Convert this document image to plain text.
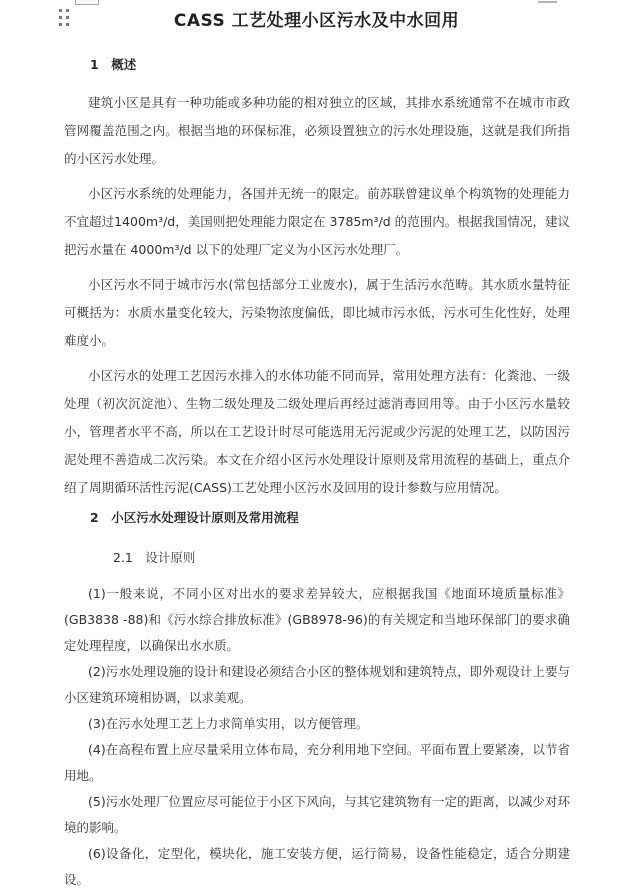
CASS 工艺处理小区污水及中水回用
1　概述

建筑小区是具有一种功能或多种功能的相对独立的区域，其排水系统通常不在城市市政管网覆盖范围之内。根据当地的环保标准，必须设置独立的污水处理设施，这就是我们所指的小区污水处理。

小区污水系统的处理能力，各国并无统一的限定。前苏联曾建议单个构筑物的处理能力不宜超过1400m³/d，美国则把处理能力限定在 3785m³/d 的范围内。根据我国情况，建议把污水量在 4000m³/d 以下的处理厂定义为小区污水处理厂。

小区污水不同于城市污水(常包括部分工业废水)，属于生活污水范畴。其水质水量特征可概括为：水质水量变化较大，污染物浓度偏低，即比城市污水低，污水可生化性好，处理难度小。

小区污水的处理工艺因污水排入的水体功能不同而异，常用处理方法有：化粪池、一级处理（初次沉淀池）、生物二级处理及二级处理后再经过滤消毒回用等。由于小区污水量较小，管理者水平不高，所以在工艺设计时尽可能选用无污泥或少污泥的处理工艺，以防因污泥处理不善造成二次污染。本文在介绍小区污水处理设计原则及常用流程的基础上，重点介绍了周期循环活性污泥(CASS)工艺处理小区污水及回用的设计参数与应用情况。

2　小区污水处理设计原则及常用流程
2.1　设计原则

(1)一般来说，不同小区对出水的要求差异较大，应根据我国《地面环境质量标准》(GB3838 -88)和《污水综合排放标准》(GB8978-96)的有关规定和当地环保部门的要求确定处理程度，以确保出水水质。

(2)污水处理设施的设计和建设必须结合小区的整体规划和建筑特点，即外观设计上要与小区建筑环境相协调，以求美观。

(3)在污水处理工艺上力求简单实用，以方便管理。

(4)在高程布置上应尽量采用立体布局，充分利用地下空间。平面布置上要紧凑，以节省用地。

(5)污水处理厂位置应尽可能位于小区下风向，与其它建筑物有一定的距离，以减少对环境的影响。

(6)设备化，定型化，模块化，施工安装方便，运行简易，设备性能稳定，适合分期建设。
